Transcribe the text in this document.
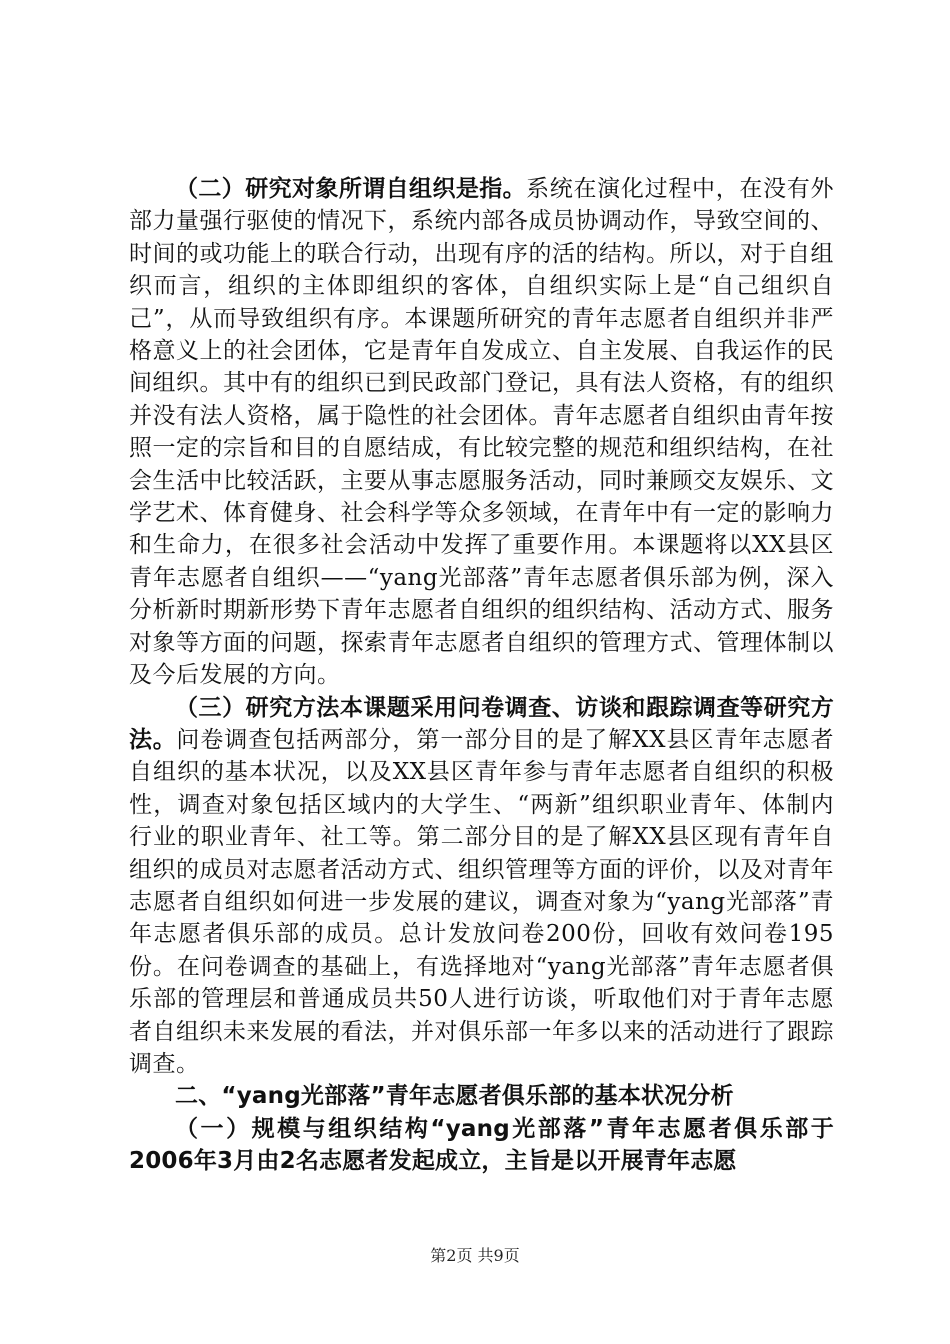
（二）研究对象所谓自组织是指。系统在演化过程中，在没有外部力量强行驱使的情况下，系统内部各成员协调动作，导致空间的、时间的或功能上的联合行动，出现有序的活的结构。所以，对于自组织而言，组织的主体即组织的客体，自组织实际上是“自己组织自己”，从而导致组织有序。本课题所研究的青年志愿者自组织并非严格意义上的社会团体，它是青年自发成立、自主发展、自我运作的民间组织。其中有的组织已到民政部门登记，具有法人资格，有的组织并没有法人资格，属于隐性的社会团体。青年志愿者自组织由青年按照一定的宗旨和目的自愿结成，有比较完整的规范和组织结构，在社会生活中比较活跃，主要从事志愿服务活动，同时兼顾交友娱乐、文学艺术、体育健身、社会科学等众多领域，在青年中有一定的影响力和生命力，在很多社会活动中发挥了重要作用。本课题将以XX县区青年志愿者自组织——“yang光部落”青年志愿者俱乐部为例，深入分析新时期新形势下青年志愿者自组织的组织结构、活动方式、服务对象等方面的问题，探索青年志愿者自组织的管理方式、管理体制以及今后发展的方向。

（三）研究方法本课题采用问卷调查、访谈和跟踪调查等研究方法。问卷调查包括两部分，第一部分目的是了解XX县区青年志愿者自组织的基本状况，以及XX县区青年参与青年志愿者自组织的积极性，调查对象包括区域内的大学生、“两新”组织职业青年、体制内行业的职业青年、社工等。第二部分目的是了解XX县区现有青年自组织的成员对志愿者活动方式、组织管理等方面的评价，以及对青年志愿者自组织如何进一步发展的建议，调查对象为“yang光部落”青年志愿者俱乐部的成员。总计发放问卷200份，回收有效问卷195份。在问卷调查的基础上，有选择地对“yang光部落”青年志愿者俱乐部的管理层和普通成员共50人进行访谈，听取他们对于青年志愿者自组织未来发展的看法，并对俱乐部一年多以来的活动进行了跟踪调查。

二、“yang光部落”青年志愿者俱乐部的基本状况分析

（一）规模与组织结构“yang光部落”青年志愿者俱乐部于2006年3月由2名志愿者发起成立，主旨是以开展青年志愿

第2页 共9页
